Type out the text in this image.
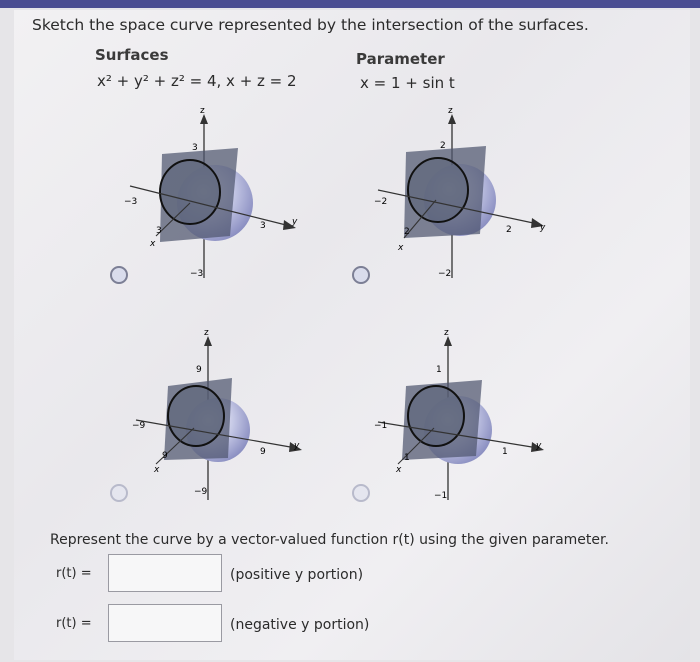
Sketch the space curve represented by the intersection of the surfaces.
Surfaces	Parameter
x² + y² + z² = 4, x + z = 2	x = 1 + sin t
z
3
−3
−3
3	y
3
x
z
2
−2
−2
2	y
2
x
z
9
−9
−9
9
y
9
x
z
1
−1
−1
1
y
1
x
Represent the curve by a vector-valued function r(t) using the given parameter.
r(t) =	(positive y portion)
r(t) =	(negative y portion)
